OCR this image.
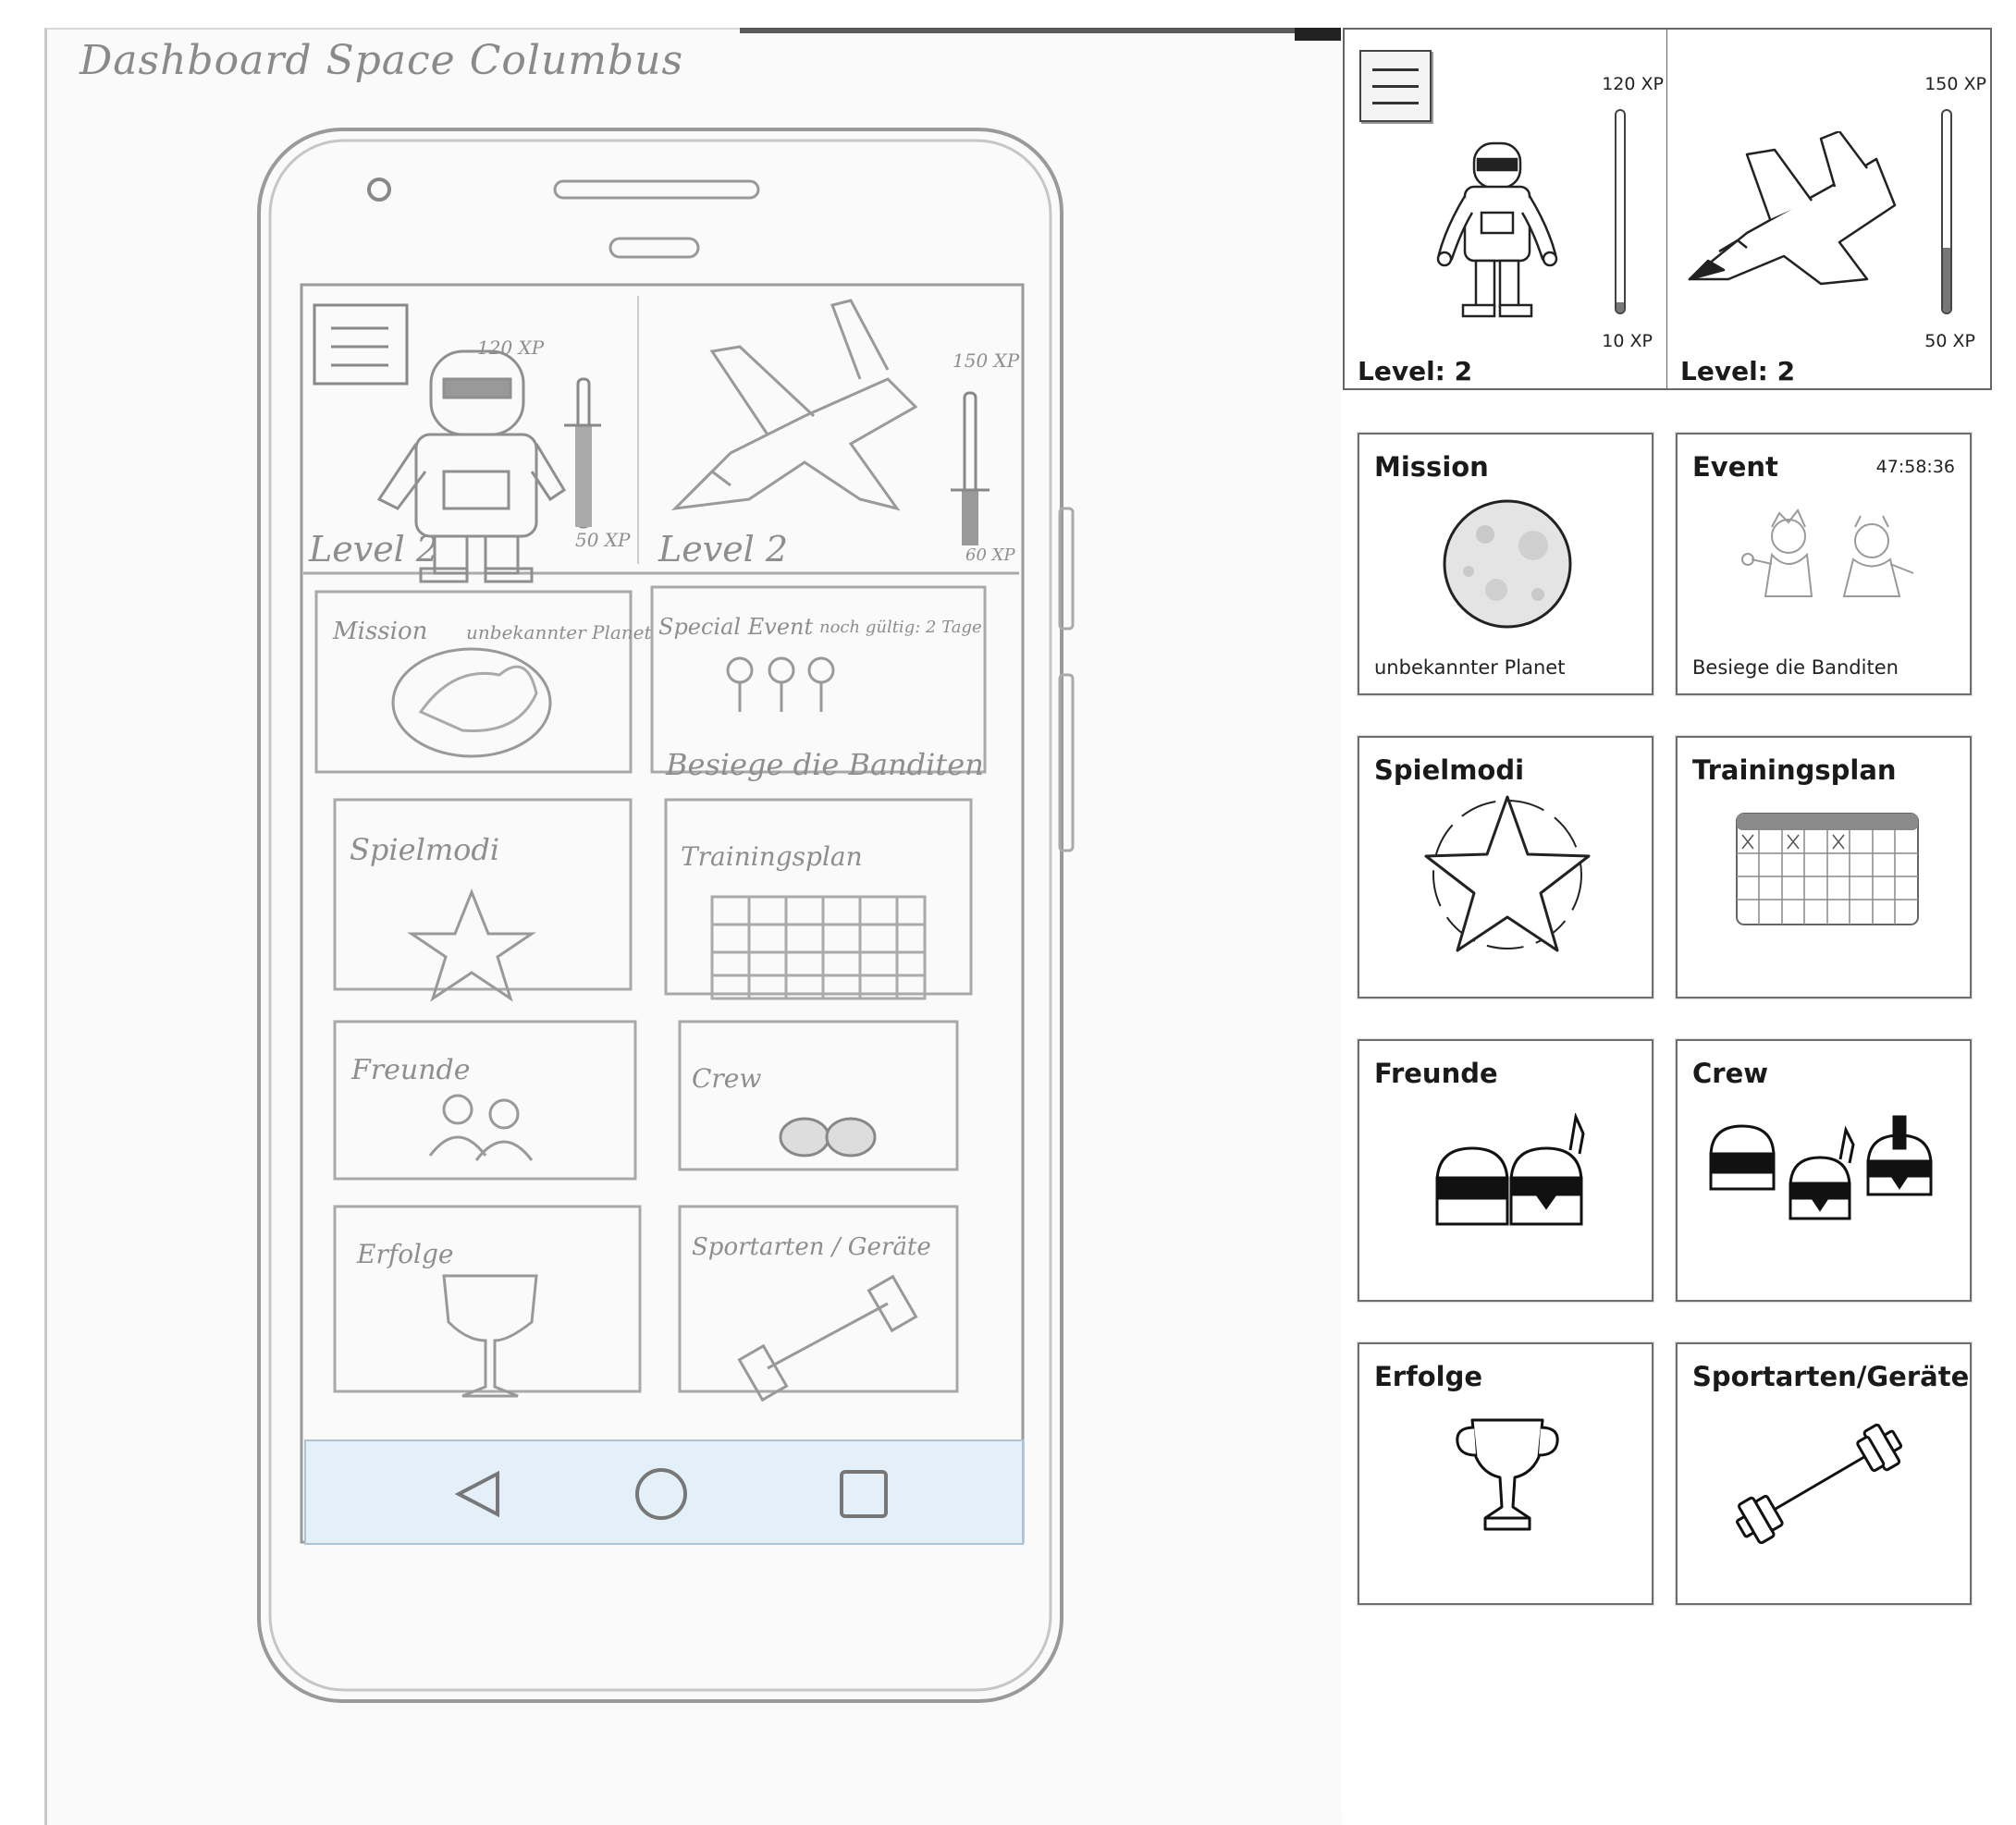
Dashboard Space Columbus
120 XP
50 XP
Level 2
150 XP
60 XP
Level 2
Mission unbekannter Planet Special Event noch gültig: 2 Tage
Besiege die Banditen
Spielmodi	Trainingsplan
Freunde	Crew
Erfolge	Sportarten / Geräte
120 XP
10 XP
Level: 2
150 XP
50 XP
Level: 2
Mission
unbekannter Planet
Event	47:58:36
Besiege die Banditen
Spielmodi	Trainingsplan
Freunde	Crew
Erfolge	Sportarten/Geräte
